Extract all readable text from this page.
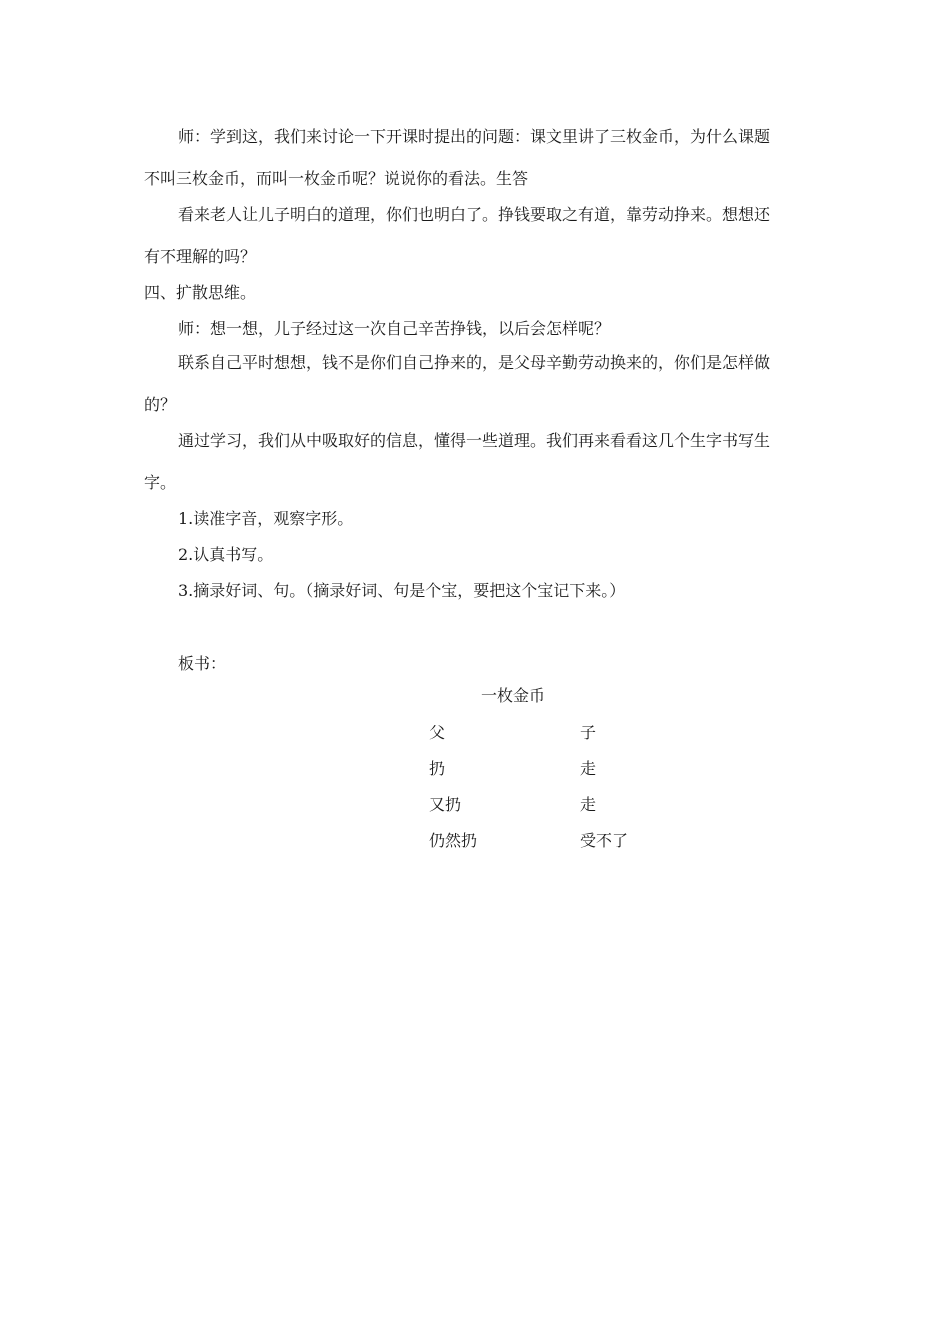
师：学到这，我们来讨论一下开课时提出的问题：课文里讲了三枚金币，为什么课题

不叫三枚金币，而叫一枚金币呢？说说你的看法。生答

看来老人让儿子明白的道理，你们也明白了。挣钱要取之有道，靠劳动挣来。想想还

有不理解的吗？

四、扩散思维。

师：想一想，儿子经过这一次自己辛苦挣钱，以后会怎样呢？

联系自己平时想想，钱不是你们自己挣来的，是父母辛勤劳动换来的，你们是怎样做

的？

通过学习，我们从中吸取好的信息，懂得一些道理。我们再来看看这几个生字书写生

字。

1.读准字音，观察字形。

2.认真书写。

3.摘录好词、句。（摘录好词、句是个宝，要把这个宝记下来。）

板书：

一枚金币
父	子
扔	走
又扔	走
仍然扔	受不了
